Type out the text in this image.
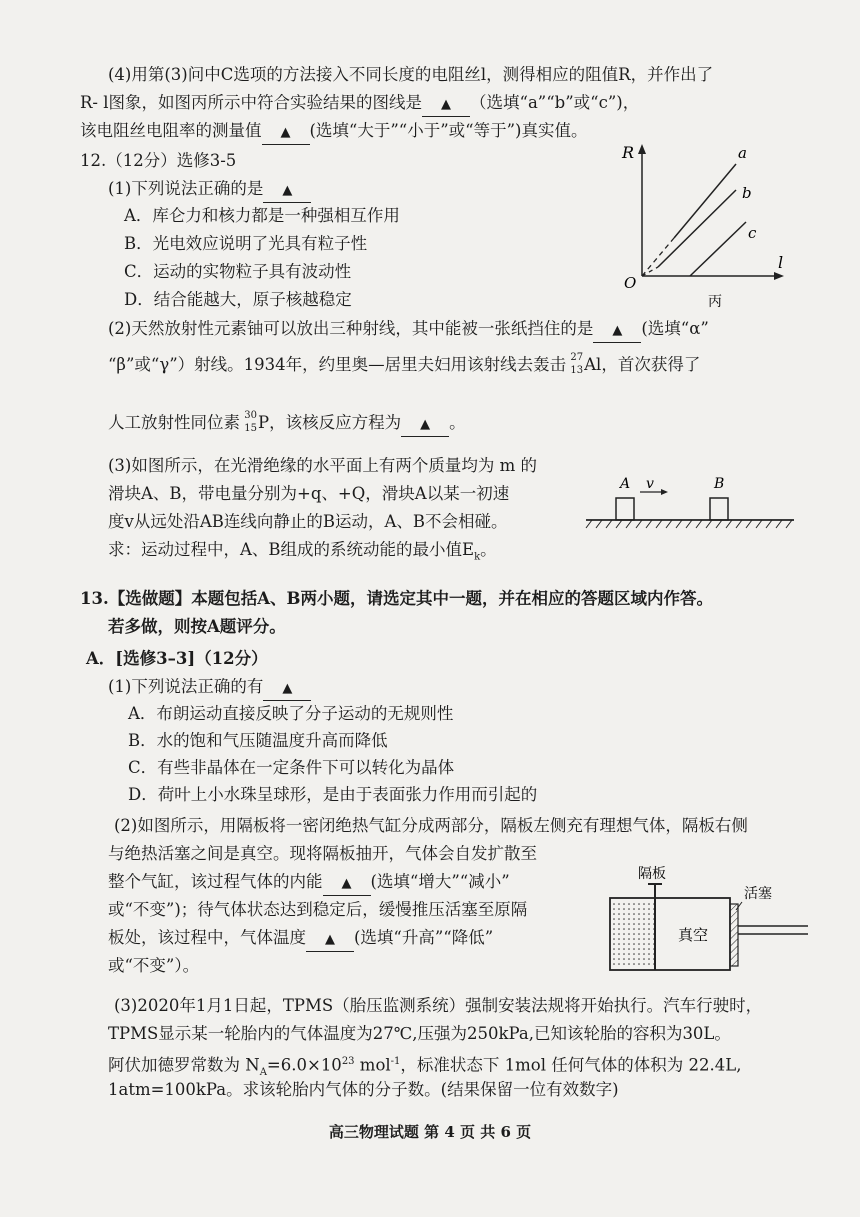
(4)用第(3)问中C选项的方法接入不同长度的电阻丝l，测得相应的阻值R，并作出了
R- l图象，如图丙所示中符合实验结果的图线是 ▲ （选填“a”“b”或“c”)，
该电阻丝电阻率的测量值 ▲ (选填“大于”“小于”或“等于”)真实值。
12.（12分）选修3-5
(1)下列说法正确的是 ▲
A．库仑力和核力都是一种强相互作用
B．光电效应说明了光具有粒子性
C．运动的实物粒子具有波动性
D．结合能越大，原子核越稳定
R
l
O
a
b
c
丙
(2)天然放射性元素铀可以放出三种射线，其中能被一张纸挡住的是 ▲ (选填“α”
“β”或“γ”）射线。1934年，约里奥—居里夫妇用该射线去轰击 27
13 Al，首次获得了
人工放射性同位素 30
15 P，该核反应方程为 ▲ 。
(3)如图所示，在光滑绝缘的水平面上有两个质量均为 m 的
滑块A、B，带电量分别为+q、+Q，滑块A以某一初速
度v从远处沿AB连线向静止的B运动，A、B不会相碰。
求：运动过程中，A、B组成的系统动能的最小值$E_k$。
A v	B
13.【选做题】本题包括A、B两小题，请选定其中一题，并在相应的答题区域内作答。
若多做，则按A题评分。
A．[选修3–3]（12分）
(1)下列说法正确的有 ▲
A．布朗运动直接反映了分子运动的无规则性
B．水的饱和气压随温度升高而降低
C．有些非晶体在一定条件下可以转化为晶体
D．荷叶上小水珠呈球形，是由于表面张力作用而引起的
(2)如图所示，用隔板将一密闭绝热气缸分成两部分，隔板左侧充有理想气体，隔板右侧
与绝热活塞之间是真空。现将隔板抽开，气体会自发扩散至
整个气缸，该过程气体的内能 ▲ (选填“增大”“减小”
或“不变”)；待气体状态达到稳定后，缓慢推压活塞至原隔
板处，该过程中，气体温度 ▲ (选填“升高”“降低”
或“不变”）。
隔板
活塞
真空
(3)2020年1月1日起，TPMS（胎压监测系统）强制安装法规将开始执行。汽车行驶时，
TPMS显示某一轮胎内的气体温度为27℃,压强为250kPa,已知该轮胎的容积为30L。
阿伏加德罗常数为 $N_A=6.0\times 10^{23}$ mol$^{-1}$，标准状态下 1mol 任何气体的体积为 22.4L,
1atm=100kPa。求该轮胎内气体的分子数。(结果保留一位有效数字)
高三物理试题 第 4 页 共 6 页
